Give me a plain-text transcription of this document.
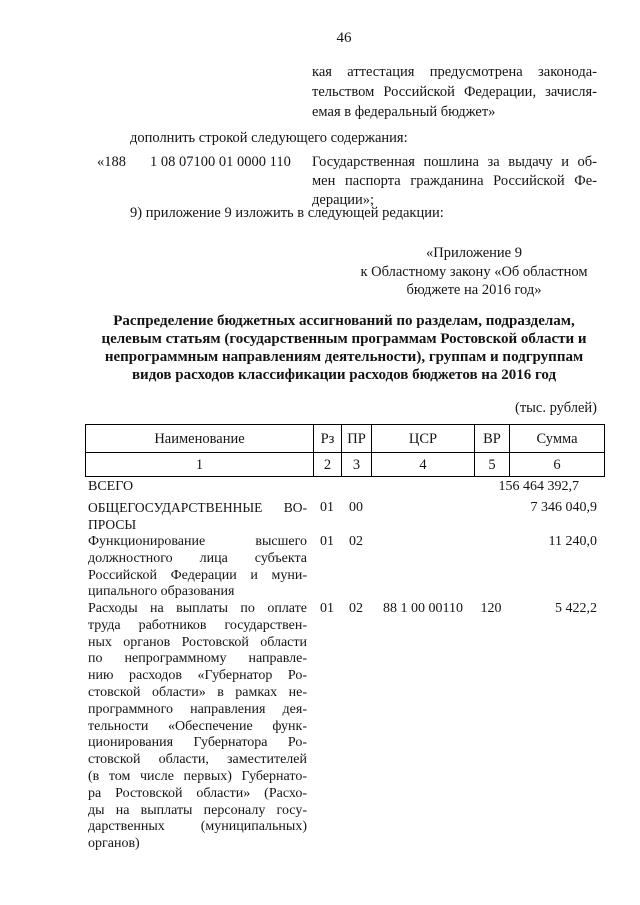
46
кая аттестация предусмотрена законода-
тельством Российской Федерации, зачисля-
емая в федеральный бюджет»
дополнить строкой следующего содержания:
«188 1 08 07100 01 0000 110 Государственная пошлина за выдачу и об-
мен паспорта гражданина Российской Фе-
дерации»;
9) приложение 9 изложить в следующей редакции:
«Приложение 9
к Областному закону «Об областном
бюджете на 2016 год»
Распределение бюджетных ассигнований по разделам, подразделам,
целевым статьям (государственным программам Ростовской области и
непрограммным направлениям деятельности), группам и подгруппам
видов расходов классификации расходов бюджетов на 2016 год
(тыс. рублей)
Наименование	Рз	ПР	ЦСР	ВР	Сумма
1	2	3	4	5	6
ВСЕГО	156 464 392,7
ОБЩЕГОСУДАРСТВЕННЫЕ ВО-
ПРОСЫ
01	00	7 346 040,9
Функционирование высшего
должностного лица субъекта
Российской Федерации и муни-
ципального образования
01	02	11 240,0
Расходы на выплаты по оплате
труда работников государствен-
ных органов Ростовской области
по непрограммному направле-
нию расходов «Губернатор Ро-
стовской области» в рамках не-
программного направления дея-
тельности «Обеспечение функ-
ционирования Губернатора Ро-
стовской области, заместителей
(в том числе первых) Губернато-
ра Ростовской области» (Расхо-
ды на выплаты персоналу госу-
дарственных (муниципальных)
органов)
01	02	88 1 00 00110	120	5 422,2
